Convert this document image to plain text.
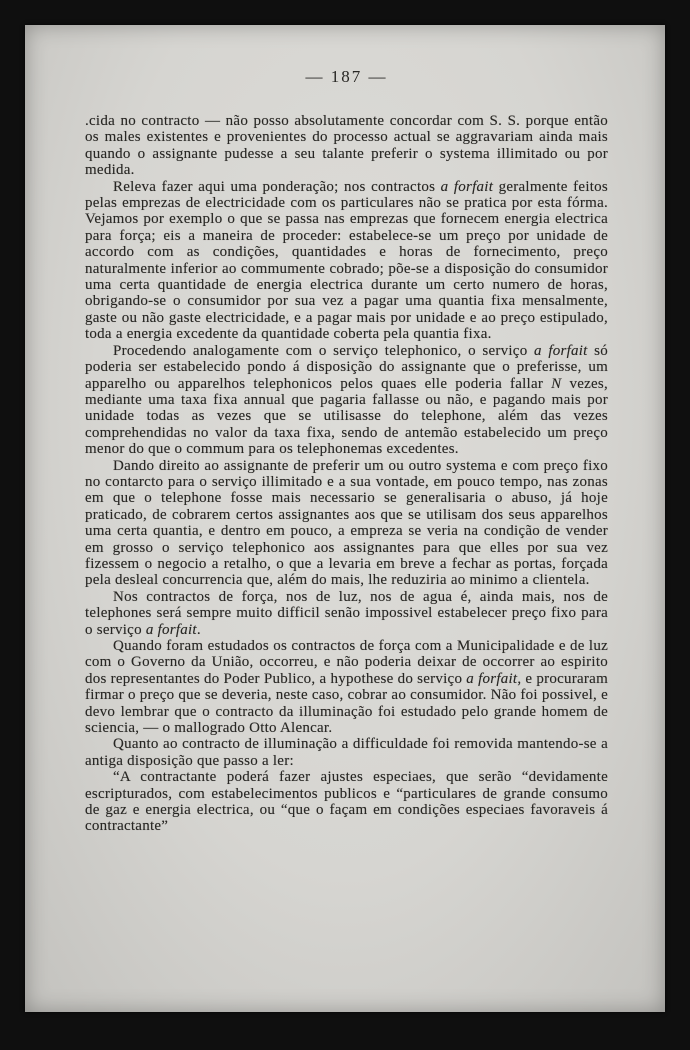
— 187 —

.cida no contracto — não posso absolutamente concordar com S. S. porque então os males existentes e provenientes do processo actual se aggravariam ainda mais quando o assignante pudesse a seu talante preferir o systema illimitado ou por medida.

Releva fazer aqui uma ponderação; nos contractos a forfait geralmente feitos pelas emprezas de electricidade com os particulares não se pratica por esta fórma. Vejamos por exemplo o que se passa nas emprezas que fornecem energia electrica para força; eis a maneira de proceder: estabelece-se um preço por unidade de accordo com as condições, quantidades e horas de fornecimento, preço naturalmente inferior ao commumente cobrado; põe-se a disposição do consumidor uma certa quantidade de energia electrica durante um certo numero de horas, obrigando-se o consumidor por sua vez a pagar uma quantia fixa mensalmente, gaste ou não gaste electricidade, e a pagar mais por unidade e ao preço estipulado, toda a energia excedente da quantidade coberta pela quantia fixa.

Procedendo analogamente com o serviço telephonico, o serviço a forfait só poderia ser estabelecido pondo á disposição do assignante que o preferisse, um apparelho ou apparelhos telephonicos pelos quaes elle poderia fallar N vezes, mediante uma taxa fixa annual que pagaria fallasse ou não, e pagando mais por unidade todas as vezes que se utilisasse do telephone, além das vezes comprehendidas no valor da taxa fixa, sendo de antemão estabelecido um preço menor do que o commum para os telephonemas excedentes.

Dando direito ao assignante de preferir um ou outro systema e com preço fixo no contarcto para o serviço illimitado e a sua vontade, em pouco tempo, nas zonas em que o telephone fosse mais necessario se generalisaria o abuso, já hoje praticado, de cobrarem certos assignantes aos que se utilisam dos seus apparelhos uma certa quantia, e dentro em pouco, a empreza se veria na condição de vender em grosso o serviço telephonico aos assignantes para que elles por sua vez fizessem o negocio a retalho, o que a levaria em breve a fechar as portas, forçada pela desleal concurrencia que, além do mais, lhe reduziria ao minimo a clientela.

Nos contractos de força, nos de luz, nos de agua é, ainda mais, nos de telephones será sempre muito difficil senão impossivel estabelecer preço fixo para o serviço a forfait.

Quando foram estudados os contractos de força com a Municipalidade e de luz com o Governo da União, occorreu, e não poderia deixar de occorrer ao espirito dos representantes do Poder Publico, a hypothese do serviço a forfait, e procuraram firmar o preço que se deveria, neste caso, cobrar ao consumidor. Não foi possivel, e devo lembrar que o contracto da illuminação foi estudado pelo grande homem de sciencia, — o mallogrado Otto Alencar.

Quanto ao contracto de illuminação a difficuldade foi removida mantendo-se a antiga disposição que passo a ler:

“A contractante poderá fazer ajustes especiaes, que serão “devidamente escripturados, com estabelecimentos publicos e “particulares de grande consumo de gaz e energia electrica, ou “que o façam em condições especiaes favoraveis á contractante”
